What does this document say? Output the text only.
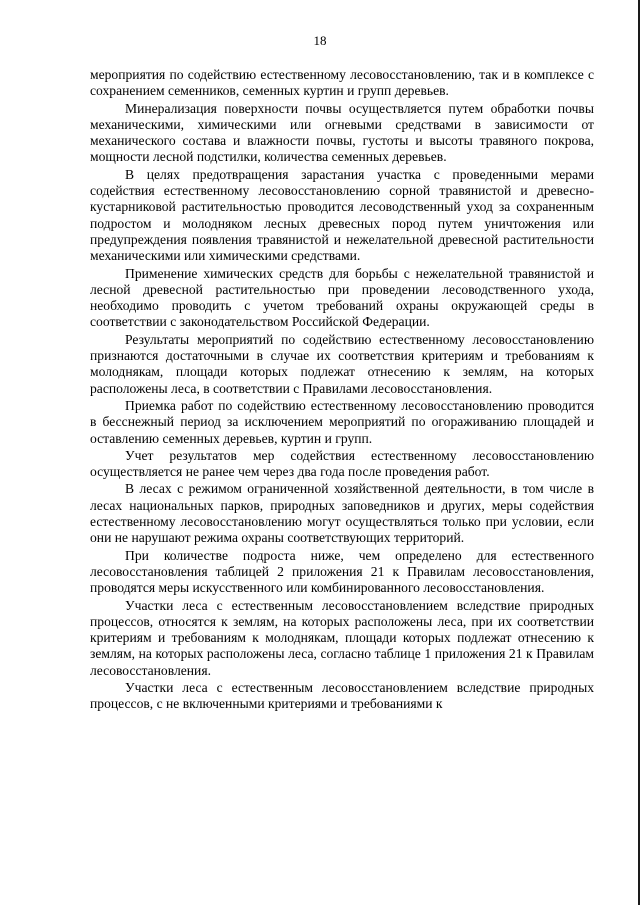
18

мероприятия по содействию естественному лесовосстановлению, так и в комплексе с сохранением семенников, семенных куртин и групп деревьев.

Минерализация поверхности почвы осуществляется путем обработки почвы механическими, химическими или огневыми средствами в зависимости от механического состава и влажности почвы, густоты и высоты травяного покрова, мощности лесной подстилки, количества семенных деревьев.

В целях предотвращения зарастания участка с проведенными мерами содействия естественному лесовосстановлению сорной травянистой и древесно-кустарниковой растительностью проводится лесоводственный уход за сохраненным подростом и молодняком лесных древесных пород путем уничтожения или предупреждения появления травянистой и нежелательной древесной растительности механическими или химическими средствами.

Применение химических средств для борьбы с нежелательной травянистой и лесной древесной растительностью при проведении лесоводственного ухода, необходимо проводить с учетом требований охраны окружающей среды в соответствии с законодательством Российской Федерации.

Результаты мероприятий по содействию естественному лесовосстановлению признаются достаточными в случае их соответствия критериям и требованиям к молоднякам, площади которых подлежат отнесению к землям, на которых расположены леса, в соответствии с Правилами лесовосстановления.

Приемка работ по содействию естественному лесовосстановлению проводится в бесснежный период за исключением мероприятий по огораживанию площадей и оставлению семенных деревьев, куртин и групп.

Учет результатов мер содействия естественному лесовосстановлению осуществляется не ранее чем через два года после проведения работ.

В лесах с режимом ограниченной хозяйственной деятельности, в том числе в лесах национальных парков, природных заповедников и других, меры содействия естественному лесовосстановлению могут осуществляться только при условии, если они не нарушают режима охраны соответствующих территорий.

При количестве подроста ниже, чем определено для естественного лесовосстановления таблицей 2 приложения 21 к Правилам лесовосстановления, проводятся меры искусственного или комбинированного лесовосстановления.

Участки леса с естественным лесовосстановлением вследствие природных процессов, относятся к землям, на которых расположены леса, при их соответствии критериям и требованиям к молоднякам, площади которых подлежат отнесению к землям, на которых расположены леса, согласно таблице 1 приложения 21 к Правилам лесовосстановления.

Участки леса с естественным лесовосстановлением вследствие природных процессов, с не включенными критериями и требованиями к
